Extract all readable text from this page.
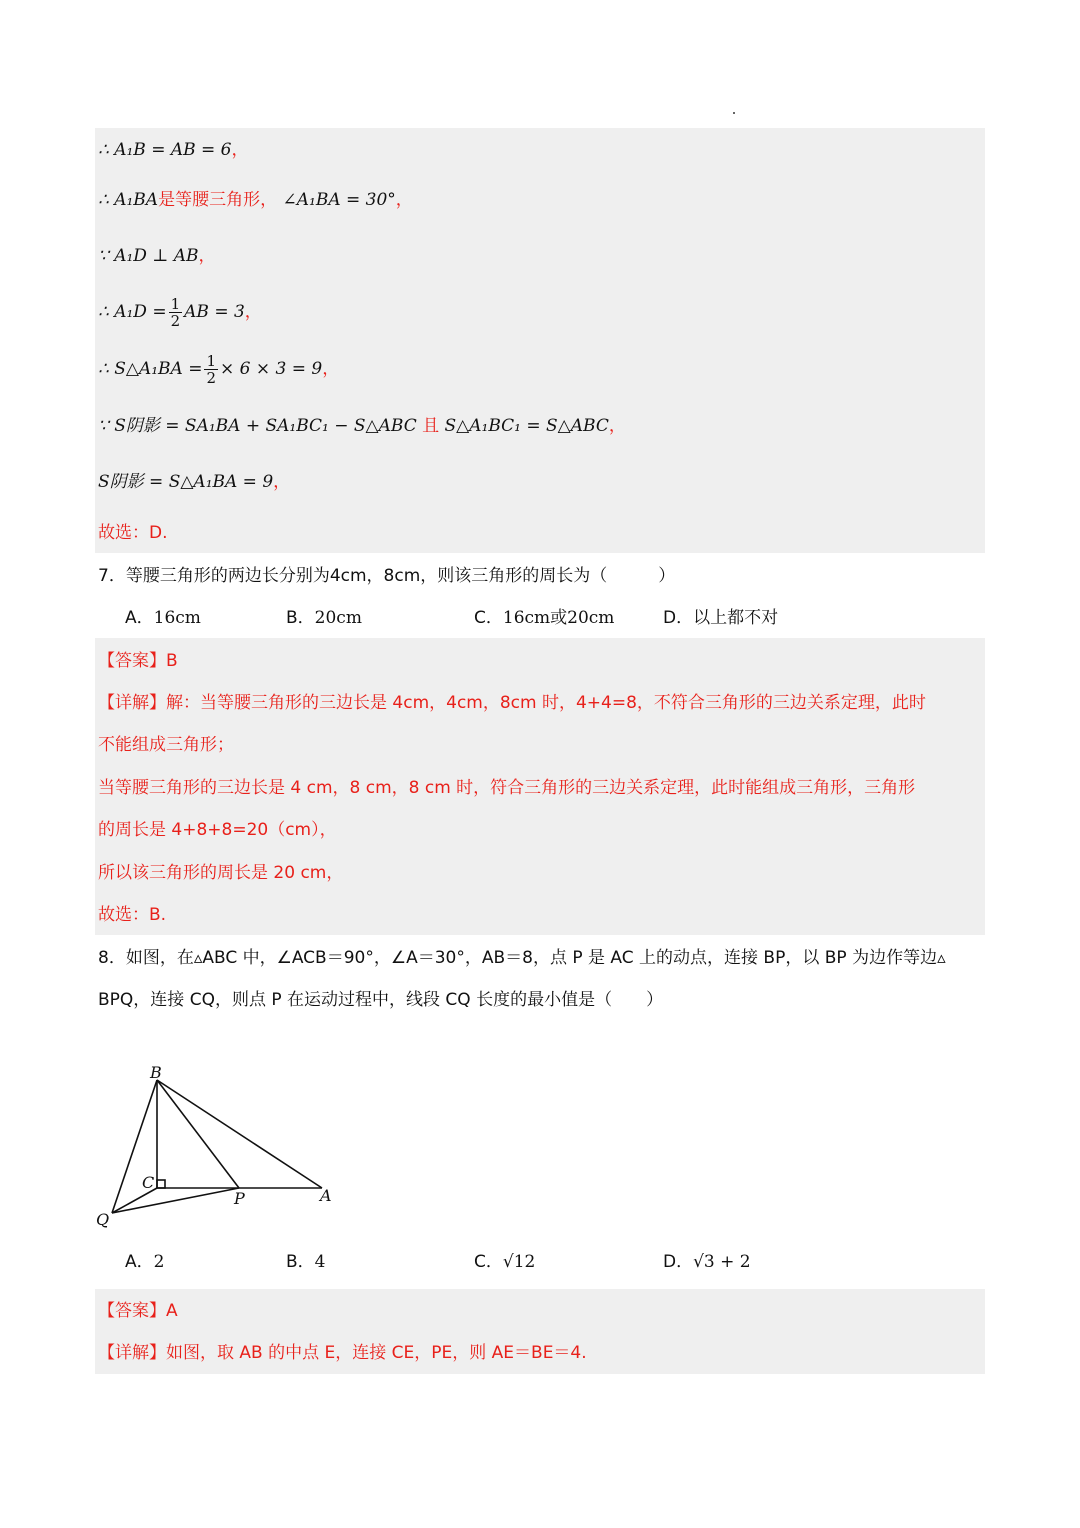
∴ A₁B = AB = 6，
∴ A₁BA是等腰三角形， ∠A₁BA = 30°，
∵ A₁D ⊥ AB，
∴ $A_1D = \frac{1}{2}$ AB = 3，
∴ S△A₁BA = $\frac{1}{2} \times 6 \times 3 = 9$，
∵ S阴影 = SA₁BA + SA₁BC₁ − S△ABC 且 S△A₁BC₁ = S△ABC，
S阴影 = S△A₁BA = 9，
故选：D.
7．等腰三角形的两边长分别为4cm，8cm，则该三角形的周长为（　　　）
A．16cm	B．20cm	C．16cm或20cm	D．以上都不对
【答案】B
【详解】解：当等腰三角形的三边长是 4cm，4cm，8cm 时，4+4=8，不符合三角形的三边关系定理，此时
不能组成三角形；
当等腰三角形的三边长是 4 cm，8 cm，8 cm 时，符合三角形的三边关系定理，此时能组成三角形，三角形
的周长是 4+8+8=20（cm），
所以该三角形的周长是 20 cm，
故选：B.
8．如图，在▵ABC 中，∠ACB＝90°，∠A＝30°，AB＝8，点 P 是 AC 上的动点，连接 BP，以 BP 为边作等边▵
BPQ，连接 CQ，则点 P 在运动过程中，线段 CQ 长度的最小值是（　　）
B
C
P	A
Q
A．2	B．4	C．√12	D．√3 + 2
【答案】A
【详解】如图，取 AB 的中点 E，连接 CE，PE，则 AE＝BE＝4.
